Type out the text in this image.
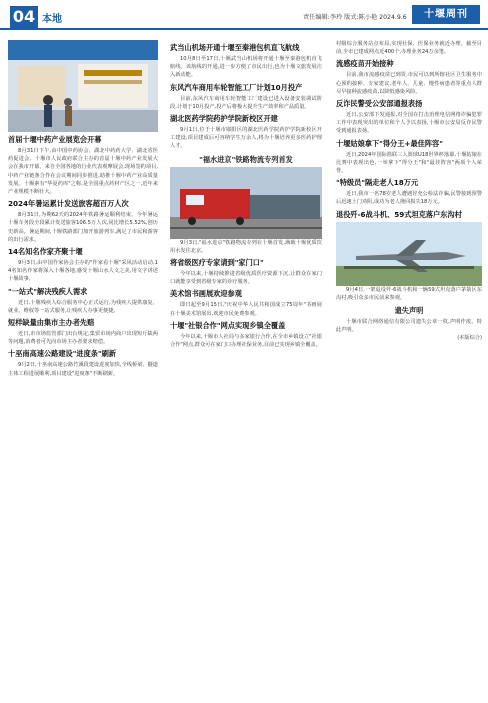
04 本地	责任编辑:李玲 版式:陈小艳 2024.9.6	十堰周刊
首届十堰中药产业展览会开幕
8月31日下午,由中国中药协会、湖北中药药大学、湖北省医药促进会、十堰市人民政府联合主办的首届十堰中药产业发展大会在我市开幕。来自全国各地的行业代表观摩展会,现场签约项目,中药产业链条合作在会议期间同步推进,助推十堰中药产业高质量发展。十堰素有"华夏药库"之称,是全国重点药材产区之一,近年来产业规模不断壮大。
2024年暑运累计发送旅客超百万人次
8月31日,为期62天的2024年铁路暑运顺利结束。今年暑运十堰车务段全段累计发送旅客106.5万人次,同比增长5.52%,创历史新高。暑运期间,十堰铁路部门加开旅游列车,满足了市民和游客的出行需求。
14名知名作家齐聚十堰
9月3日,由中国作家协会主办的"作家看十堰"采风活动启动,14名知名作家将深入十堰各地,感受十堰山水人文之美,用文字讲述十堰故事。
"一站式"解决残疾人需求
近日,十堰残疾人综合服务中心正式运行,为残疾人提供康复、就业、维权等一站式服务,让残疾人办事更便捷。
短样缺量由集市主办者先赔
近日,市市场监管部门出台规定,集贸市场内商户出现短斤缺两等问题,消费者可先向市场主办者要求赔偿。
十巫南高速公路建设"进度条"刷新
9月2日,十巫南高速公路竹溪段建设进度加快,全线桥梁、隧道主体工程进展顺利,项目建设"进度条"不断刷新。
武当山机场开通十堰至秦港包机直飞航线
10月8日至17日,十堰武当山机场将开通十堰至秦港包机直飞航线。该航线的开通,进一步方便了市民出行,也为十堰文旅发展注入新动能。
东风汽车商用车轮智能工厂计划10月投产
目前,东风汽车商用车轮智能工厂建设已进入设备安装调试阶段,计划于10月投产,投产后将极大提升生产效率和产品质量。
湖北医药学院药护学院新校区开建
9月1日,位于十堰市郧阳区的湖北医药学院药护学院新校区开工建设,项目建成后可容纳学生万余人,将为十堰培养更多医药护理人才。
"福水进京"铁路物流专列首发
9月3日,"福水进京"铁路物流专列在十堰首发,满载十堰优质饮用水发往北京。
将省级医疗专家请到"家门口"
今年以来,十堰持续推进省级优质医疗资源下沉,让群众在家门口就能享受到省级专家的诊疗服务。
美术馆书画展欢迎参观
即日起至9月15日,"庆祝中华人民共和国成立75周年"书画展在十堰美术馆展出,欢迎市民免费参观。
十堰"社银合作"网点实现乡镇全覆盖
今年以来,十堰市人社局与多家银行合作,在全市乡镇设立"社银合作"网点,群众可在家门口办理社保业务,目前已实现乡镇全覆盖。
村级综合服务站点布局,实现社保、医保业务就近办理。截至目前,全市已建成网点近400个,办理业务24万余笔。
流感疫苗开始接种
目前,我市流感疫苗已到货,市民可以到所辖社区卫生服务中心预约接种。专家建议,老年人、儿童、慢性病患者等重点人群尽早接种流感疫苗,以降低感染风险。
反诈民警受公安部通报表扬
近日,公安部下发通报,对全国在打击治理电信网络诈骗犯罪工作中表现突出的单位和个人予以表扬,十堰市公安局反诈民警受到通报表扬。
十堰姑娘拿下"得分王+最佳阵容"
近日,2024年国际篮联三人篮球U18世界杯落幕,十堰姑娘在比赛中表现出色,一举拿下"得分王"和"最佳阵容"两项个人荣誉。
"特级员"隔走老人18万元
近日,我市一名78岁老人遭遇冒充公检法诈骗,民警接到预警后迅速上门劝阻,成功为老人挽回损失18万元。
退役歼-6战斗机、59式坦克落户东沟村
9月4日,一架退役歼-6战斗机和一辆59式坦克落户茅箭区东沟村,吸引众多市民前来参观。
遗失声明
十堰市联合网络通信有限公司遗失公章一枚,声明作废。特此声明。
(本版综合)
